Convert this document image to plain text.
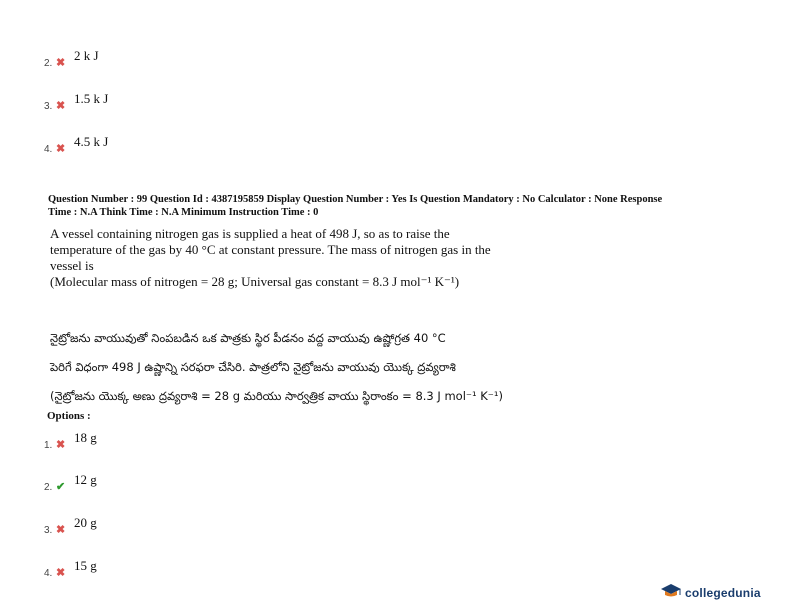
2. ✖ 2 k J
3. ✖ 1.5 k J
4. ✖ 4.5 k J
Question Number : 99 Question Id : 4387195859 Display Question Number : Yes Is Question Mandatory : No Calculator : None Response
Time : N.A Think Time : N.A Minimum Instruction Time : 0
A vessel containing nitrogen gas is supplied a heat of 498 J, so as to raise the
temperature of the gas by 40 °C at constant pressure. The mass of nitrogen gas in the
vessel is
(Molecular mass of nitrogen = 28 g; Universal gas constant = 8.3 J mol⁻¹ K⁻¹)
నైట్రోజను వాయువుతో నింపబడిన ఒక పాత్రకు స్థిర పీడనం వద్ద వాయువు ఉష్ణోగ్రత 40 °C
పెరిగే విధంగా 498 J ఉష్ణాన్ని సరఫరా చేసిరి. పాత్రలోని నైట్రోజను వాయువు యొక్క ద్రవ్యరాశి
(నైట్రోజను యొక్క అణు ద్రవ్యరాశి = 28 g మరియు సార్వత్రిక వాయు స్థిరాంకం = 8.3 J mol⁻¹ K⁻¹)
Options :
1. ✖ 18 g
2. ✔ 12 g
3. ✖ 20 g
4. ✖ 15 g
collegedunia
